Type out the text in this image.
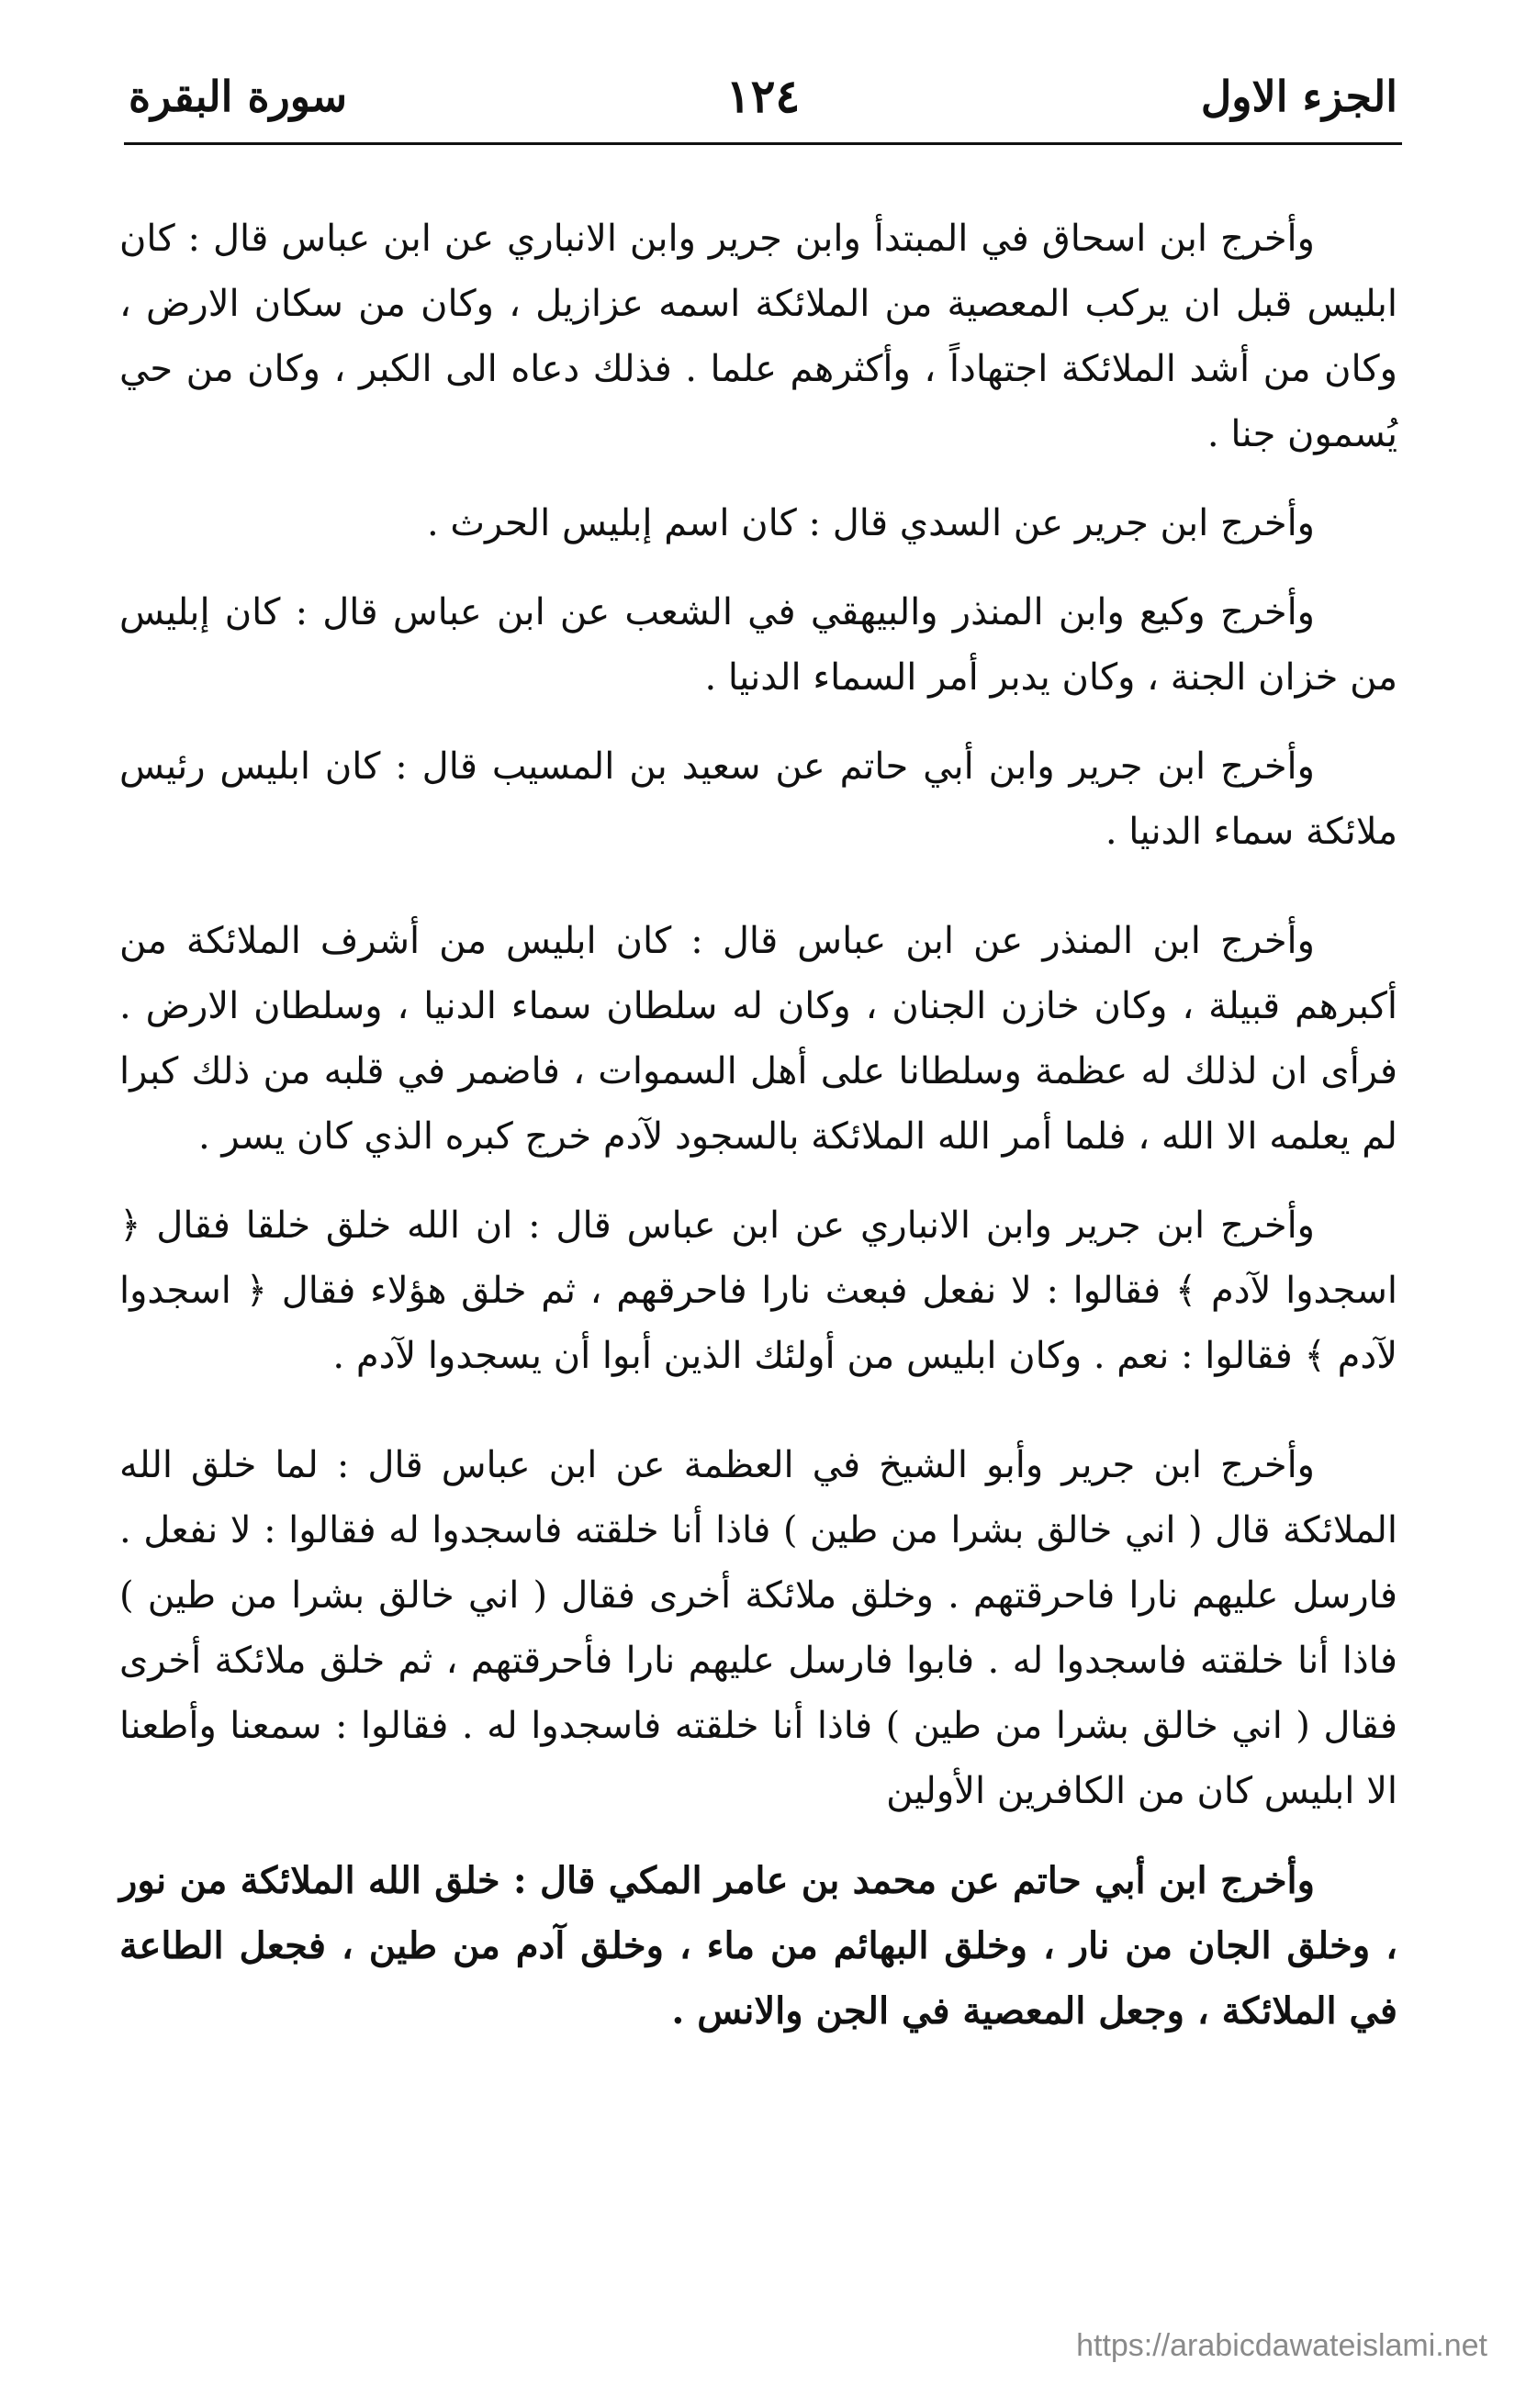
الجزء الاول
١٢٤
سورة البقرة

وأخرج ابن اسحاق في المبتدأ وابن جرير وابن الانباري عن ابن عباس قال : كان ابليس قبل ان يركب المعصية من الملائكة اسمه عزازيل ، وكان من سكان الارض ، وكان من أشد الملائكة اجتهاداً ، وأكثرهم علما . فذلك دعاه الى الكبر ، وكان من حي يُسمون جنا .

وأخرج ابن جرير عن السدي قال : كان اسم إبليس الحرث .

وأخرج وكيع وابن المنذر والبيهقي في الشعب عن ابن عباس قال : كان إبليس من خزان الجنة ، وكان يدبر أمر السماء الدنيا .

وأخرج ابن جرير وابن أبي حاتم عن سعيد بن المسيب قال : كان ابليس رئيس ملائكة سماء الدنيا .

وأخرج ابن المنذر عن ابن عباس قال : كان ابليس من أشرف الملائكة من أكبرهم قبيلة ، وكان خازن الجنان ، وكان له سلطان سماء الدنيا ، وسلطان الارض . فرأى ان لذلك له عظمة وسلطانا على أهل السموات ، فاضمر في قلبه من ذلك كبرا لم يعلمه الا الله ، فلما أمر الله الملائكة بالسجود لآدم خرج كبره الذي كان يسر .

وأخرج ابن جرير وابن الانباري عن ابن عباس قال : ان الله خلق خلقا فقال ﴿ اسجدوا لآدم ﴾ فقالوا : لا نفعل فبعث نارا فاحرقهم ، ثم خلق هؤلاء فقال ﴿ اسجدوا لآدم ﴾ فقالوا : نعم . وكان ابليس من أولئك الذين أبوا أن يسجدوا لآدم .

وأخرج ابن جرير وأبو الشيخ في العظمة عن ابن عباس قال : لما خلق الله الملائكة قال ( اني خالق بشرا من طين ) فاذا أنا خلقته فاسجدوا له فقالوا : لا نفعل . فارسل عليهم نارا فاحرقتهم . وخلق ملائكة أخرى فقال ( اني خالق بشرا من طين ) فاذا أنا خلقته فاسجدوا له . فابوا فارسل عليهم نارا فأحرقتهم ، ثم خلق ملائكة أخرى فقال ( اني خالق بشرا من طين ) فاذا أنا خلقته فاسجدوا له . فقالوا : سمعنا وأطعنا الا ابليس كان من الكافرين الأولين

وأخرج ابن أبي حاتم عن محمد بن عامر المكي قال : خلق الله الملائكة من نور ، وخلق الجان من نار ، وخلق البهائم من ماء ، وخلق آدم من طين ، فجعل الطاعة في الملائكة ، وجعل المعصية في الجن والانس .

https://arabicdawateislami.net
